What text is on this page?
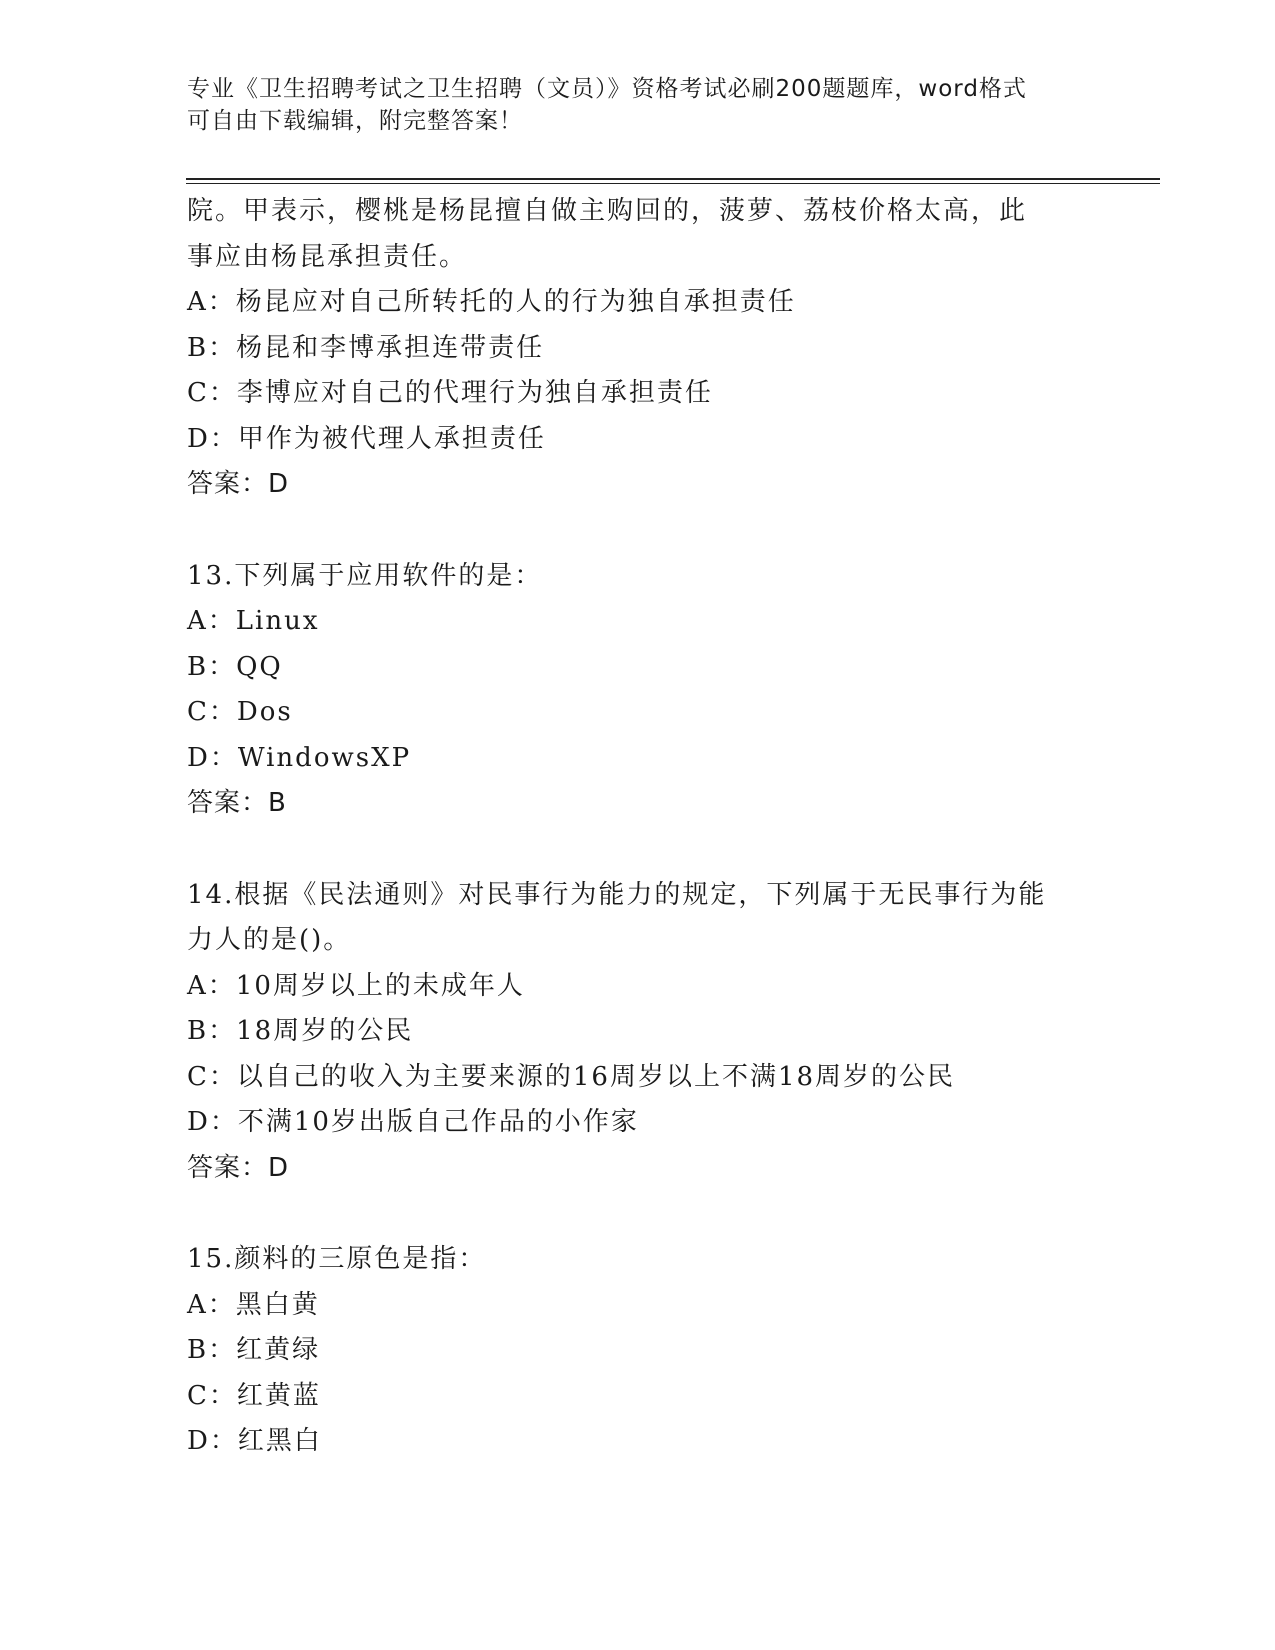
专业《卫生招聘考试之卫生招聘（文员）》资格考试必刷200题题库，word格式
可自由下载编辑，附完整答案！
院。甲表示，樱桃是杨昆擅自做主购回的，菠萝、荔枝价格太高，此
事应由杨昆承担责任。
A：杨昆应对自己所转托的人的行为独自承担责任
B：杨昆和李博承担连带责任
C：李博应对自己的代理行为独自承担责任
D：甲作为被代理人承担责任
答案：D
13.下列属于应用软件的是：
A：Linux
B：QQ
C：Dos
D：WindowsXP
答案：B
14.根据《民法通则》对民事行为能力的规定，下列属于无民事行为能
力人的是()。
A：10周岁以上的未成年人
B：18周岁的公民
C：以自己的收入为主要来源的16周岁以上不满18周岁的公民
D：不满10岁出版自己作品的小作家
答案：D
15.颜料的三原色是指：
A：黑白黄
B：红黄绿
C：红黄蓝
D：红黑白
